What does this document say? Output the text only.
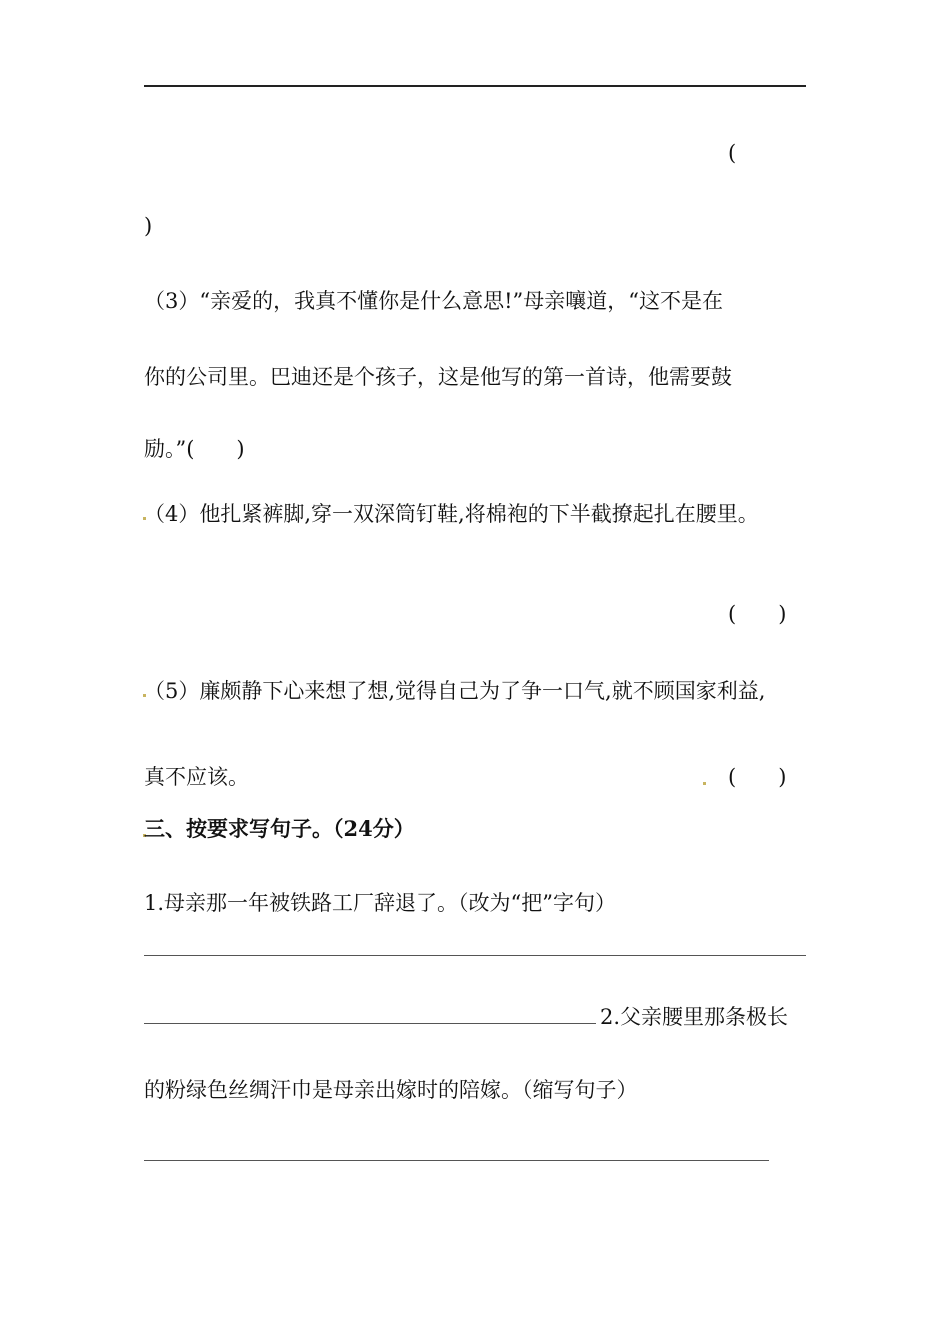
(
)
（3）“亲爱的，我真不懂你是什么意思!”母亲嚷道，“这不是在
你的公司里。巴迪还是个孩子，这是他写的第一首诗，他需要鼓
励。”(　　)
（4）他扎紧裤脚,穿一双深筒钉鞋,将棉袍的下半截撩起扎在腰里。
(　　)
（5）廉颇静下心来想了想,觉得自己为了争一口气,就不顾国家利益,
真不应该。	(　　)
三、按要求写句子。（24分）
1.母亲那一年被铁路工厂辞退了。（改为“把”字句）
2.父亲腰里那条极长
的粉绿色丝绸汗巾是母亲出嫁时的陪嫁。（缩写句子）
